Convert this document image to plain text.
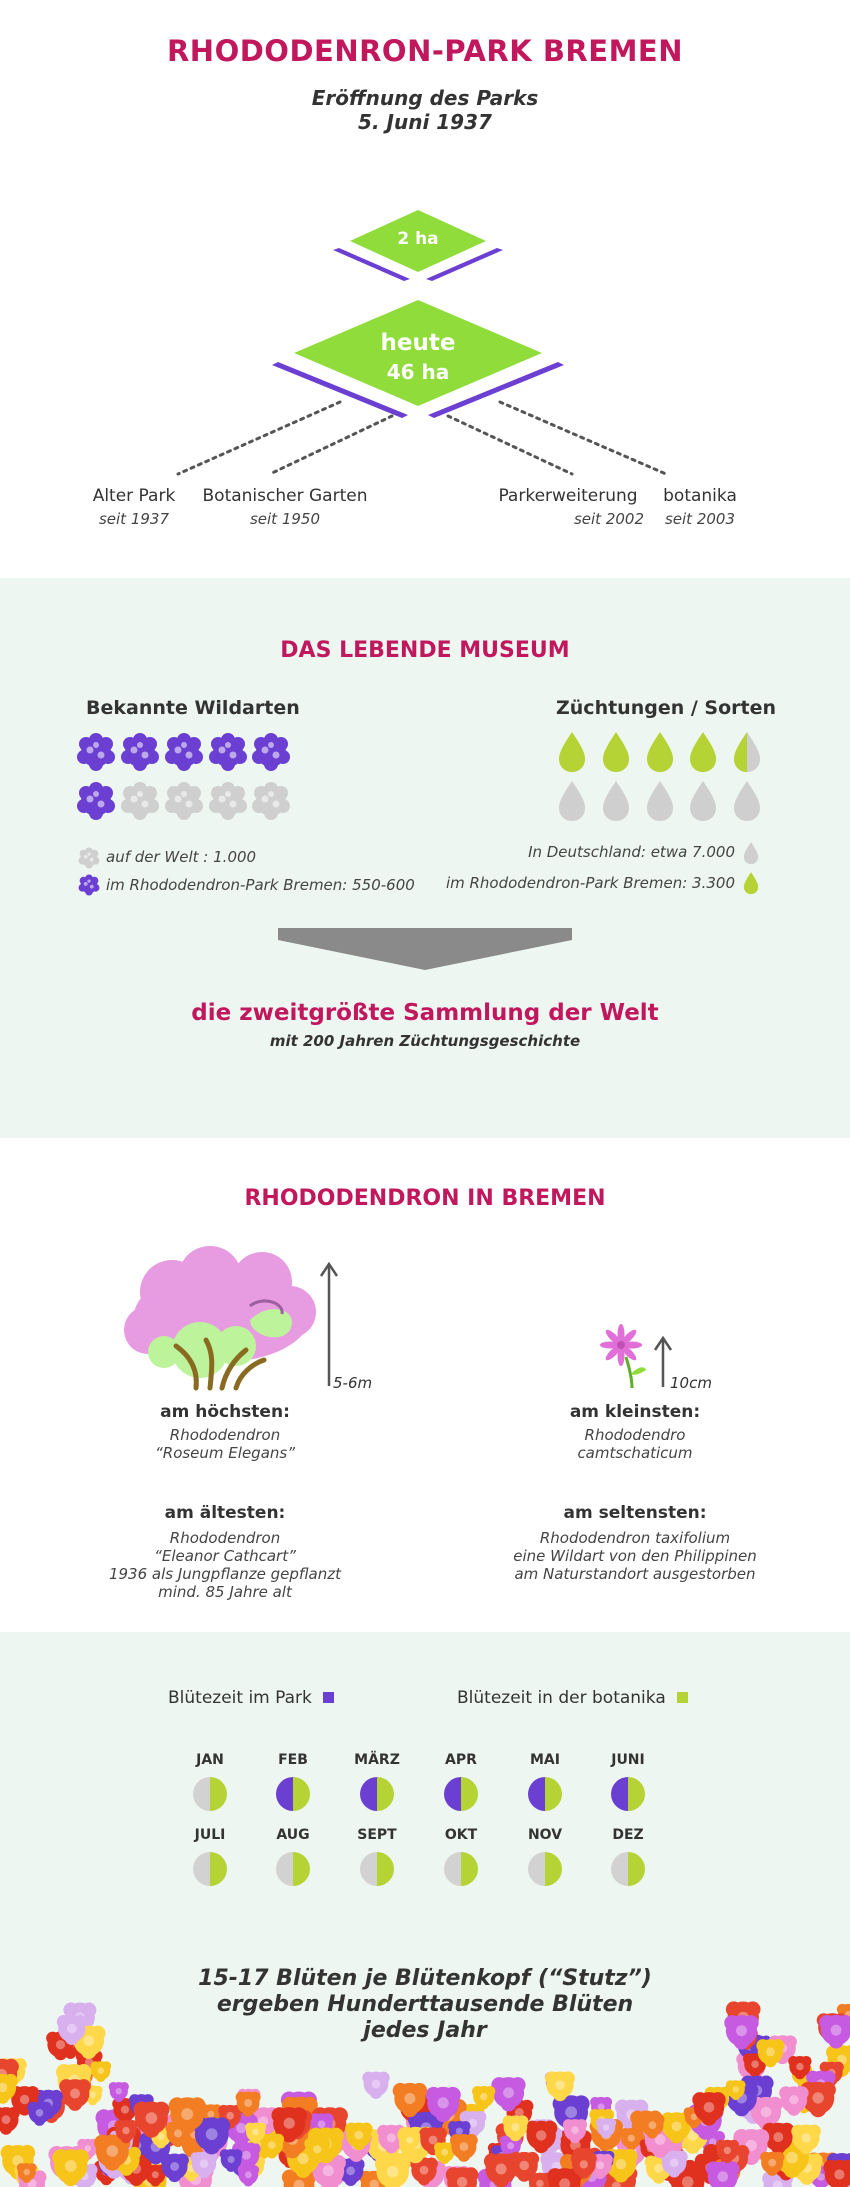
RHODODENRON-PARK BREMEN
Eröffnung des Parks
5. Juni 1937
2 ha
heute
46 ha
Alter Park
seit 1937
Botanischer Garten
seit 1950
Parkerweiterung
seit 2002
botanika
seit 2003
DAS LEBENDE MUSEUM
Bekannte Wildarten	Züchtungen / Sorten
auf der Welt : 1.000
im Rhododendron-Park Bremen: 550-600
In Deutschland: etwa 7.000
im Rhododendron-Park Bremen: 3.300
die zweitgrößte Sammlung der Welt
mit 200 Jahren Züchtungsgeschichte
RHODODENDRON IN BREMEN
5-6m	10cm
am höchsten:
Rhododendron
“Roseum Elegans”
am kleinsten:
Rhododendro
camtschaticum
am ältesten:
Rhododendron
“Eleanor Cathcart”
1936 als Jungpflanze gepflanzt
mind. 85 Jahre alt
am seltensten:
Rhododendron taxifolium
eine Wildart von den Philippinen
am Naturstandort ausgestorben
Blütezeit im Park	Blütezeit in der botanika
JAN	FEB	MÄRZ	APR	MAI	JUNI
JULI	AUG	SEPT	OKT	NOV	DEZ
15-17 Blüten je Blütenkopf (“Stutz”)
ergeben Hunderttausende Blüten
jedes Jahr
